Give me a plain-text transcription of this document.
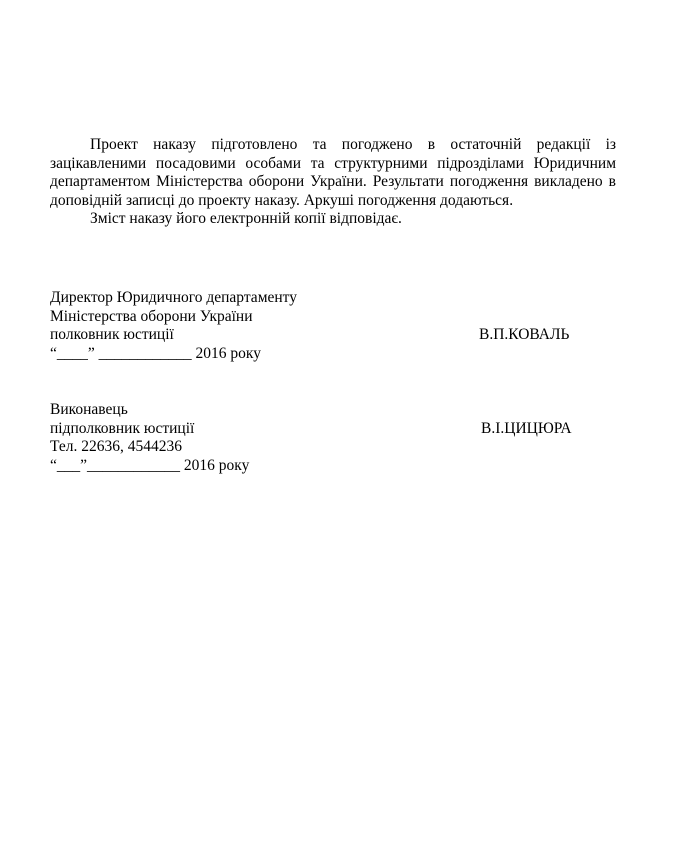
Проект наказу підготовлено та погоджено в остаточній редакції із зацікавленими посадовими особами та структурними підрозділами Юридичним департаментом Міністерства оборони України. Результати погодження викладено в доповідній записці до проекту наказу. Аркуші погодження додаються.

Зміст наказу його електронній копії відповідає.

Директор Юридичного департаменту
Міністерства оборони України
полковник юстиції	В.П.КОВАЛЬ
“____” ____________ 2016 року
Виконавець
підполковник юстиції	В.І.ЦИЦЮРА
Тел. 22636, 4544236
“___”____________ 2016 року
